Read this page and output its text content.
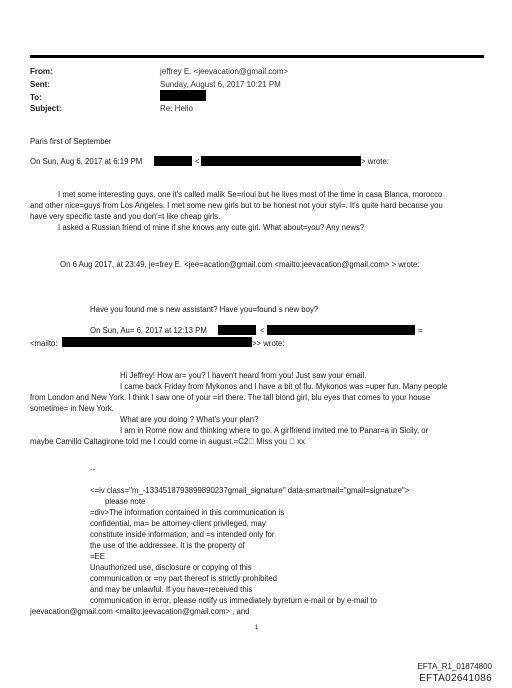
From:	jeffrey E. <jeevacation@gmail.com>
Sent:	Sunday, August 6, 2017 10:21 PM
To:
Subject:	Re: Hello
Paris first of September
On Sun, Aug 6, 2017 at 6:19 PM	<	> wrote:
I met some interesting guys, one it's called malik Se=rioui but he lives most of the time in casa Blanca, morocco
and other nice=guys from Los Angeles. I met some new girls but to be honest not your styl=. It's quite hard because you
have very specific taste and you don'=t like cheap girls.
I asked a Russian friend of mine if she knows any cute girl. What about=you? Any news?
On 6 Aug 2017, at 23:49, je=frey E. <jee=acation@gmail.com <mailto:jeevacation@gmail.com> > wrote:
Have you found me s new assistant? Have you=found s new boy?
On Sun, Au= 6, 2017 at 12:13 PM	<	=
<mailto:	>> wrote:
Hi Jeffrey! How ar= you? I haven't heard from you! Just saw your email.
I came back Friday from Mykonos and I have a bit of flu. Mykonos was =uper fun. Many people
from London and New York. I think I saw one of your =irl there. The tall blond girl, blu eyes that comes to your house
sometime= in New York.
What are you doing ? What's your plan?
I am in Rome now and thinking where to go. A girlfriend invited me to Panar=a in Sicily, or
maybe Camillo Caltagirone told me I could come in august.=C2  Miss you Ⓢ xx
--
<=iv class="m_-1334518793899890237gmail_signature" data-smartmail="gmail=signature">
please note
=div>The information contained in this communication is
confidential, ma= be attorney-client privileged, may
constitute inside information, and =s intended only for
the use of the addressee. It is the property of
=EE
Unauthorized use, disclosure or copying of this
communication or =ny part thereof is strictly prohibited
and may be unlawful. If you have=received this
communication in error, please notify us immediately byreturn e-mail or by e-mail to
jeevacation@gmail.com <mailto:jeevacation@gmail.com> , and
1
EFTA_R1_01874800
EFTA02641086
